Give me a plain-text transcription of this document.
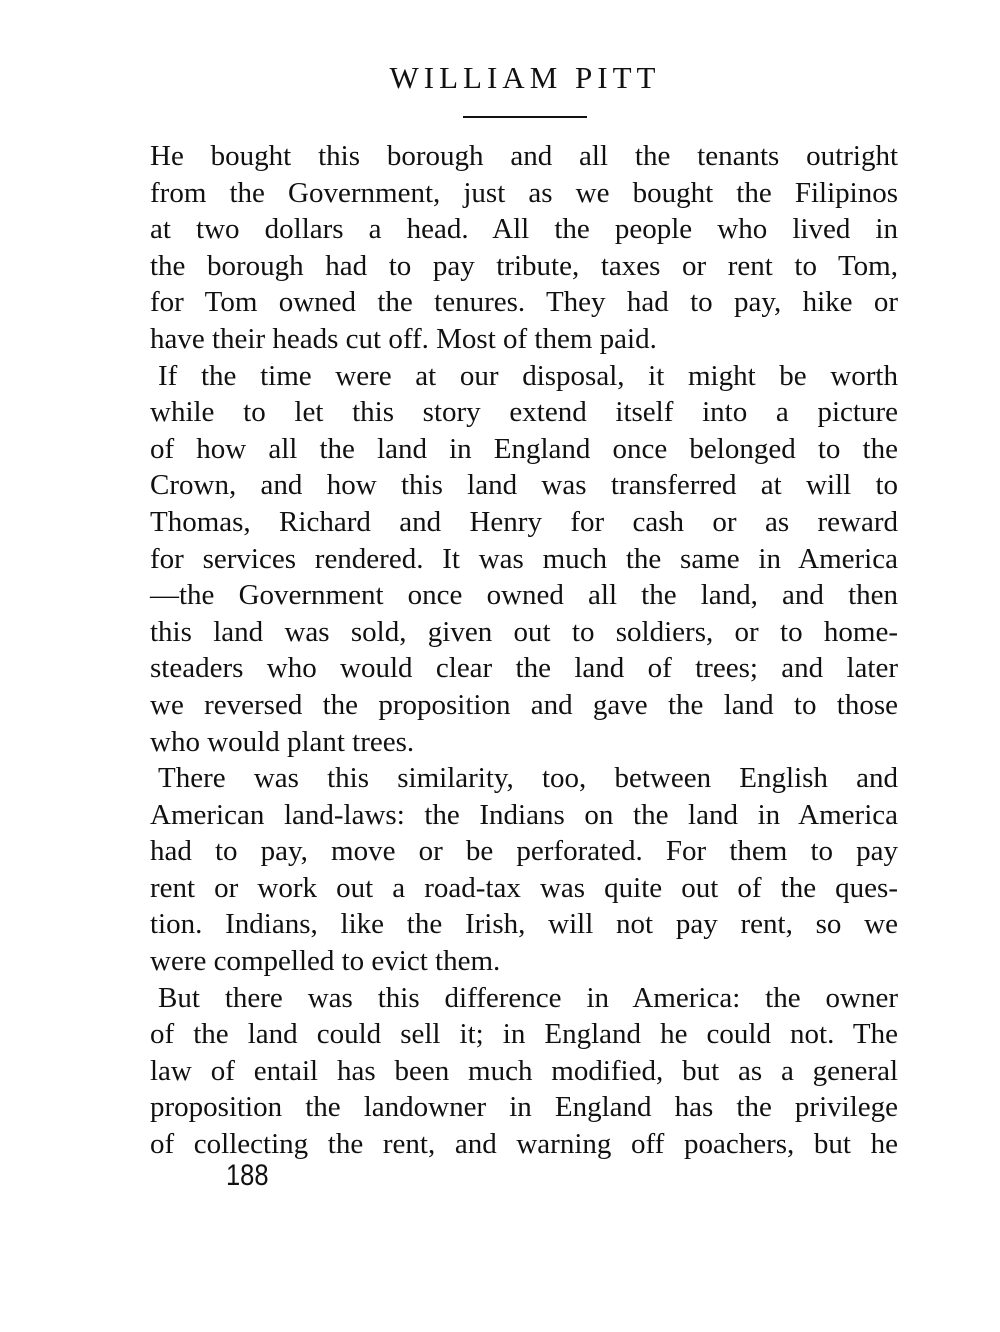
WILLIAM PITT
He bought this borough and all the tenants outright
from the Government, just as we bought the Filipinos
at two dollars a head. All the people who lived in
the borough had to pay tribute, taxes or rent to Tom,
for Tom owned the tenures. They had to pay, hike or
have their heads cut off. Most of them paid.
If the time were at our disposal, it might be worth
while to let this story extend itself into a picture
of how all the land in England once belonged to the
Crown, and how this land was transferred at will to
Thomas, Richard and Henry for cash or as reward
for services rendered. It was much the same in America
—the Government once owned all the land, and then
this land was sold, given out to soldiers, or to home-
steaders who would clear the land of trees; and later
we reversed the proposition and gave the land to those
who would plant trees.
There was this similarity, too, between English and
American land-laws: the Indians on the land in America
had to pay, move or be perforated. For them to pay
rent or work out a road-tax was quite out of the ques-
tion. Indians, like the Irish, will not pay rent, so we
were compelled to evict them.
But there was this difference in America: the owner
of the land could sell it; in England he could not. The
law of entail has been much modified, but as a general
proposition the landowner in England has the privilege
of collecting the rent, and warning off poachers, but he
188
